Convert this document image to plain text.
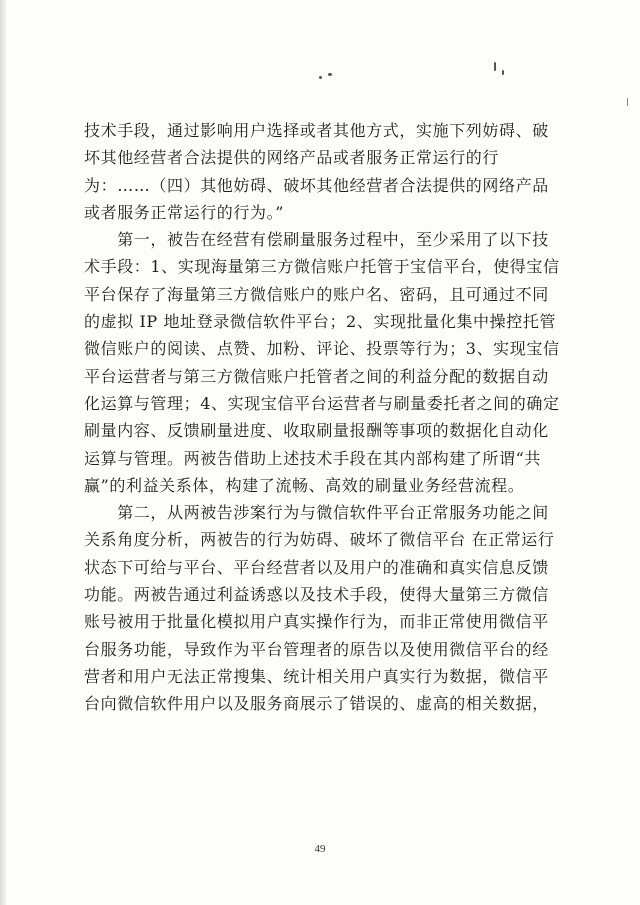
技术手段，通过影响用户选择或者其他方式，实施下列妨碍、破
坏其他经营者合法提供的网络产品或者服务正常运行的行
为：……（四）其他妨碍、破坏其他经营者合法提供的网络产品
或者服务正常运行的行为。”
　　第一，被告在经营有偿刷量服务过程中，至少采用了以下技
术手段：1、实现海量第三方微信账户托管于宝信平台，使得宝信
平台保存了海量第三方微信账户的账户名、密码，且可通过不同
的虚拟 IP 地址登录微信软件平台；2、实现批量化集中操控托管
微信账户的阅读、点赞、加粉、评论、投票等行为；3、实现宝信
平台运营者与第三方微信账户托管者之间的利益分配的数据自动
化运算与管理；4、实现宝信平台运营者与刷量委托者之间的确定
刷量内容、反馈刷量进度、收取刷量报酬等事项的数据化自动化
运算与管理。两被告借助上述技术手段在其内部构建了所谓“共
赢”的利益关系体，构建了流畅、高效的刷量业务经营流程。
　　第二，从两被告涉案行为与微信软件平台正常服务功能之间
关系角度分析，两被告的行为妨碍、破坏了微信平台 在正常运行
状态下可给与平台、平台经营者以及用户的准确和真实信息反馈
功能。两被告通过利益诱惑以及技术手段，使得大量第三方微信
账号被用于批量化模拟用户真实操作行为，而非正常使用微信平
台服务功能，导致作为平台管理者的原告以及使用微信平台的经
营者和用户无法正常搜集、统计相关用户真实行为数据，微信平
台向微信软件用户以及服务商展示了错误的、虚高的相关数据，
49
